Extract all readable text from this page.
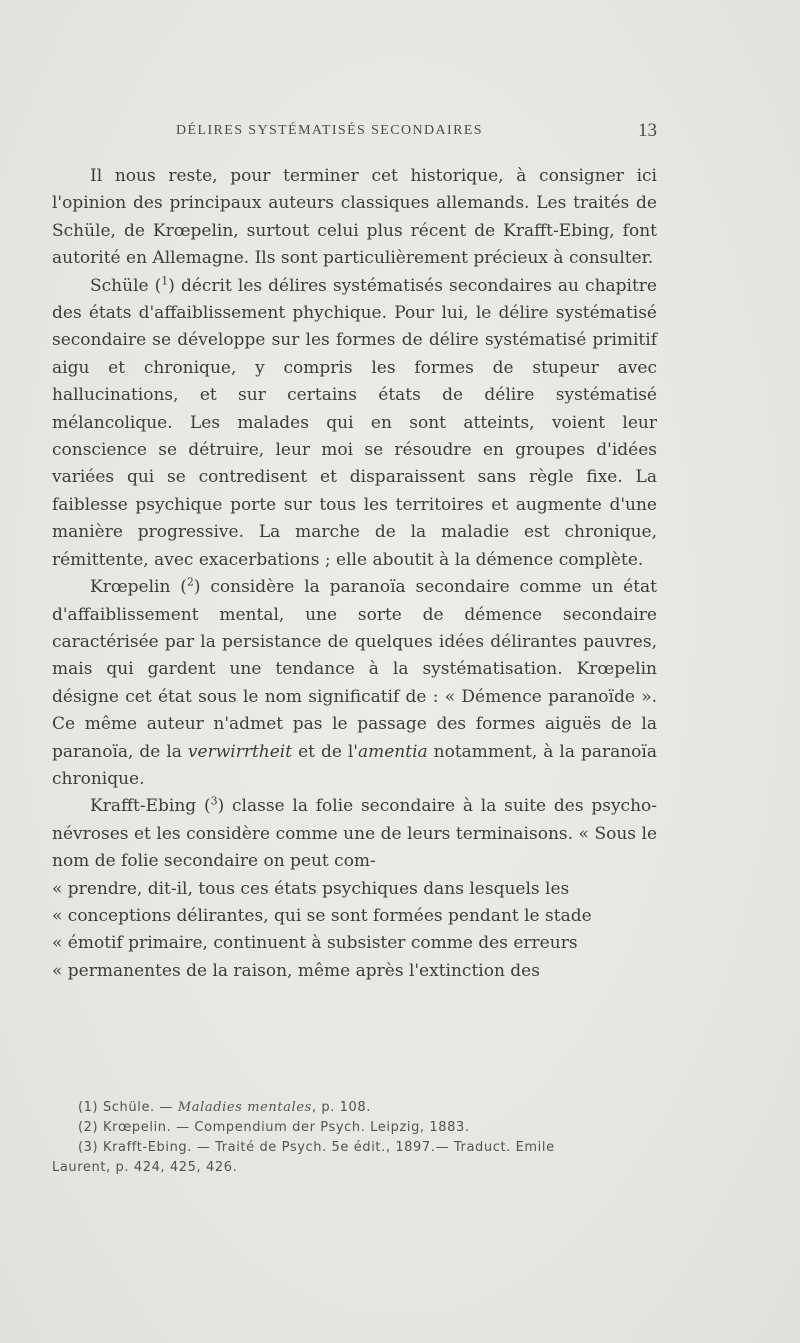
DÉLIRES SYSTÉMATISÉS SECONDAIRES	13

Il nous reste, pour terminer cet historique, à consigner ici l'opinion des principaux auteurs classiques allemands. Les traités de Schüle, de Krœpelin, surtout celui plus récent de Krafft-Ebing, font autorité en Allemagne. Ils sont particulièrement précieux à consulter.

Schüle ($^1$) décrit les délires systématisés secondaires au chapitre des états d'affaiblissement phychique. Pour lui, le délire systématisé secondaire se développe sur les formes de délire systématisé primitif aigu et chronique, y compris les formes de stupeur avec hallucinations, et sur certains états de délire systématisé mélancolique. Les malades qui en sont atteints, voient leur conscience se détruire, leur moi se résoudre en groupes d'idées variées qui se contredisent et disparaissent sans règle fixe. La faiblesse psychique porte sur tous les territoires et augmente d'une manière progressive. La marche de la maladie est chronique, rémittente, avec exacerbations ; elle aboutit à la démence complète.

Krœpelin ($^2$) considère la paranoïa secondaire comme un état d'affaiblissement mental, une sorte de démence secondaire caractérisée par la persistance de quelques idées délirantes pauvres, mais qui gardent une tendance à la systématisation. Krœpelin désigne cet état sous le nom significatif de : « Démence paranoïde ». Ce même auteur n'admet pas le passage des formes aiguës de la paranoïa, de la verwirrtheit et de l'amentia notamment, à la paranoïa chronique.

Krafft-Ebing ($^3$) classe la folie secondaire à la suite des psycho-névroses et les considère comme une de leurs terminaisons. « Sous le nom de folie secondaire on peut com-

« prendre, dit-il, tous ces états psychiques dans lesquels les

« conceptions délirantes, qui se sont formées pendant le stade

« émotif primaire, continuent à subsister comme des erreurs

« permanentes de la raison, même après l'extinction des

(1) Schüle. — Maladies mentales, p. 108.
(2) Krœpelin. — Compendium der Psych. Leipzig, 1883.
(3) Krafft-Ebing. — Traité de Psych. 5e édit., 1897.— Traduct. Emile
Laurent, p. 424, 425, 426.
